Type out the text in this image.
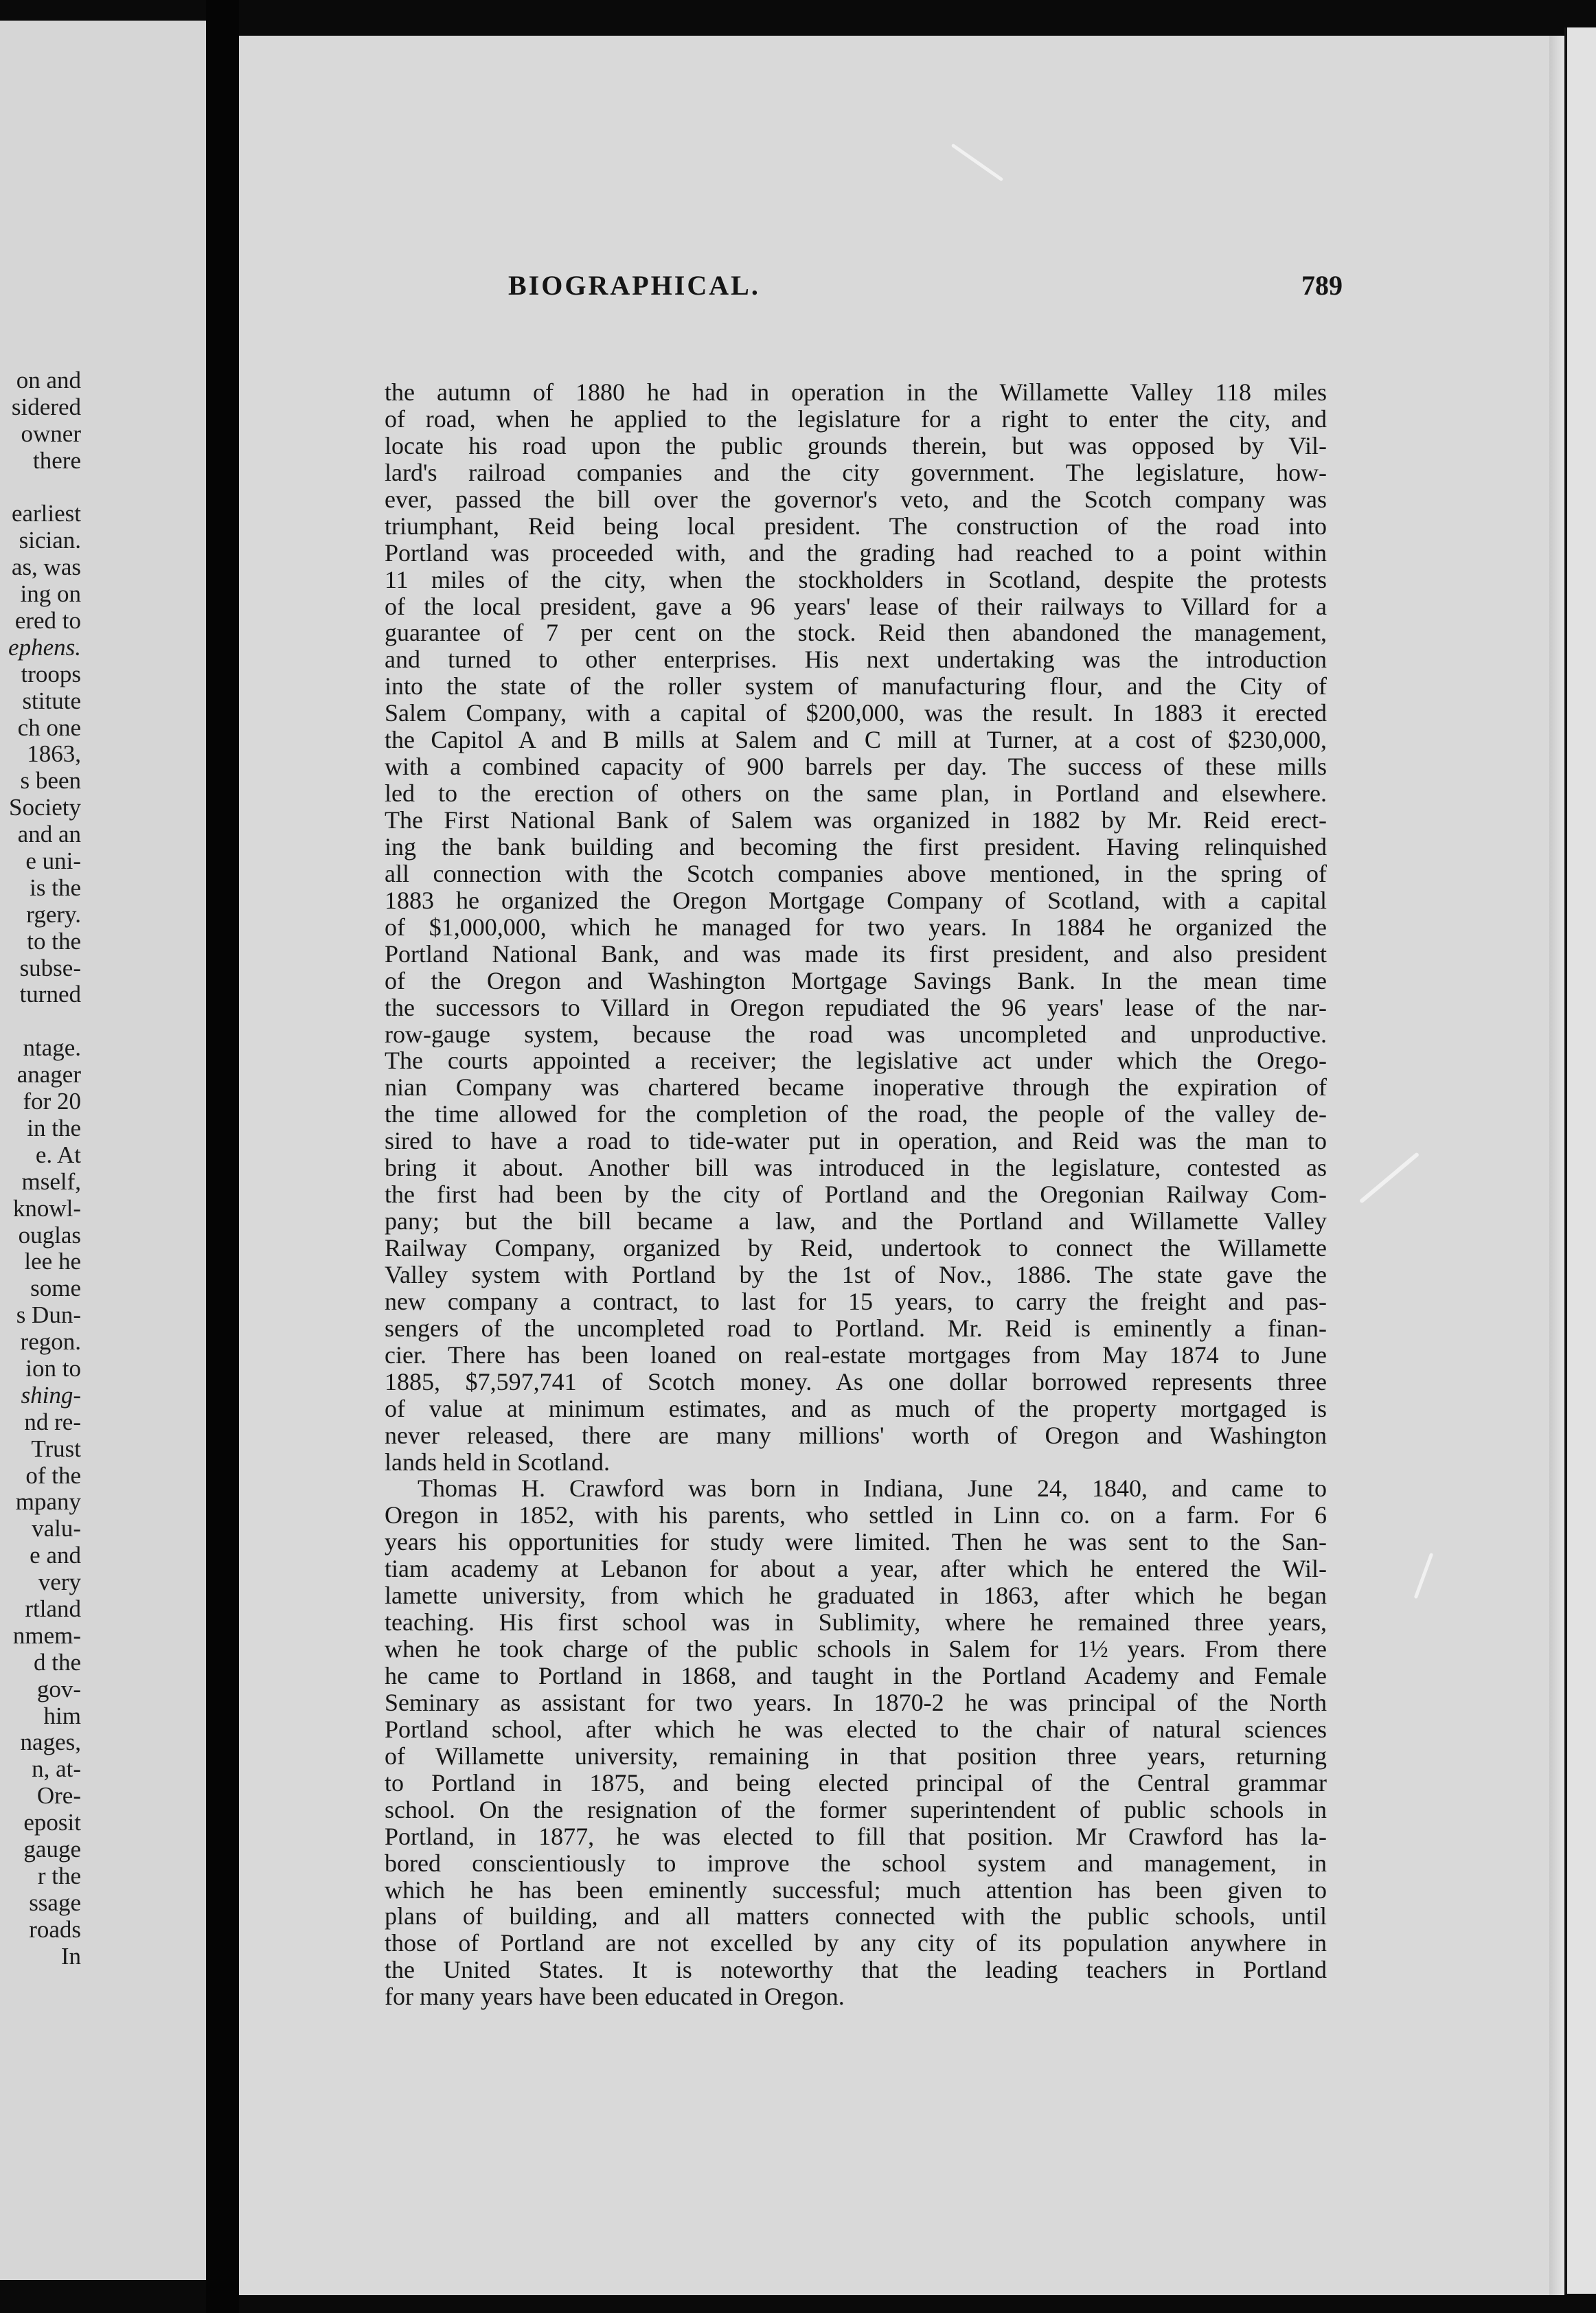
on and
sidered
owner
there
earliest
sician.
as, was
ing on
ered to
ephens.
troops
stitute
ch one
1863,
s been
Society
and an
e uni-
is the
rgery.
to the
subse-
turned
ntage.
anager
for 20
in the
e. At
mself,
knowl-
ouglas
lee he
some
s Dun-
regon.
ion to
shing-
nd re-
Trust
of the
mpany
valu-
e and
very
rtland
nmem-
d the
gov-
him
nages,
n, at-
Ore-
eposit
gauge
r the
ssage
roads
In
BIOGRAPHICAL.	789
the autumn of 1880 he had in operation in the Willamette Valley 118 miles
of road, when he applied to the legislature for a right to enter the city, and
locate his road upon the public grounds therein, but was opposed by Vil-
lard's railroad companies and the city government. The legislature, how-
ever, passed the bill over the governor's veto, and the Scotch company was
triumphant, Reid being local president. The construction of the road into
Portland was proceeded with, and the grading had reached to a point within
11 miles of the city, when the stockholders in Scotland, despite the protests
of the local president, gave a 96 years' lease of their railways to Villard for a
guarantee of 7 per cent on the stock. Reid then abandoned the management,
and turned to other enterprises. His next undertaking was the introduction
into the state of the roller system of manufacturing flour, and the City of
Salem Company, with a capital of $200,000, was the result. In 1883 it erected
the Capitol A and B mills at Salem and C mill at Turner, at a cost of $230,000,
with a combined capacity of 900 barrels per day. The success of these mills
led to the erection of others on the same plan, in Portland and elsewhere.
The First National Bank of Salem was organized in 1882 by Mr. Reid erect-
ing the bank building and becoming the first president. Having relinquished
all connection with the Scotch companies above mentioned, in the spring of
1883 he organized the Oregon Mortgage Company of Scotland, with a capital
of $1,000,000, which he managed for two years. In 1884 he organized the
Portland National Bank, and was made its first president, and also president
of the Oregon and Washington Mortgage Savings Bank. In the mean time
the successors to Villard in Oregon repudiated the 96 years' lease of the nar-
row-gauge system, because the road was uncompleted and unproductive.
The courts appointed a receiver; the legislative act under which the Orego-
nian Company was chartered became inoperative through the expiration of
the time allowed for the completion of the road, the people of the valley de-
sired to have a road to tide-water put in operation, and Reid was the man to
bring it about. Another bill was introduced in the legislature, contested as
the first had been by the city of Portland and the Oregonian Railway Com-
pany; but the bill became a law, and the Portland and Willamette Valley
Railway Company, organized by Reid, undertook to connect the Willamette
Valley system with Portland by the 1st of Nov., 1886. The state gave the
new company a contract, to last for 15 years, to carry the freight and pas-
sengers of the uncompleted road to Portland. Mr. Reid is eminently a finan-
cier. There has been loaned on real-estate mortgages from May 1874 to June
1885, $7,597,741 of Scotch money. As one dollar borrowed represents three
of value at minimum estimates, and as much of the property mortgaged is
never released, there are many millions' worth of Oregon and Washington
lands held in Scotland.
Thomas H. Crawford was born in Indiana, June 24, 1840, and came to
Oregon in 1852, with his parents, who settled in Linn co. on a farm. For 6
years his opportunities for study were limited. Then he was sent to the San-
tiam academy at Lebanon for about a year, after which he entered the Wil-
lamette university, from which he graduated in 1863, after which he began
teaching. His first school was in Sublimity, where he remained three years,
when he took charge of the public schools in Salem for 1½ years. From there
he came to Portland in 1868, and taught in the Portland Academy and Female
Seminary as assistant for two years. In 1870-2 he was principal of the North
Portland school, after which he was elected to the chair of natural sciences
of Willamette university, remaining in that position three years, returning
to Portland in 1875, and being elected principal of the Central grammar
school. On the resignation of the former superintendent of public schools in
Portland, in 1877, he was elected to fill that position. Mr Crawford has la-
bored conscientiously to improve the school system and management, in
which he has been eminently successful; much attention has been given to
plans of building, and all matters connected with the public schools, until
those of Portland are not excelled by any city of its population anywhere in
the United States. It is noteworthy that the leading teachers in Portland
for many years have been educated in Oregon.
